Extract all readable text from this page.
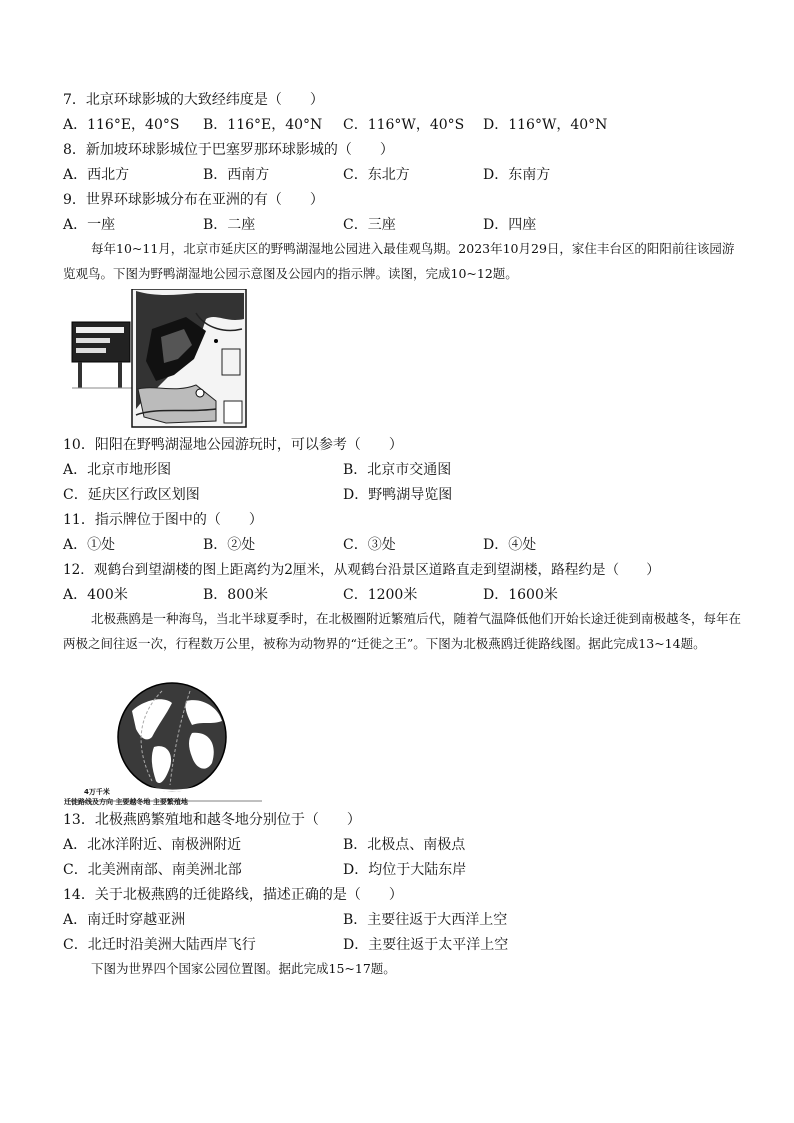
7．北京环球影城的大致经纬度是（　　）
A．116°E，40°S B．116°E，40°N C．116°W，40°S D．116°W，40°N
8．新加坡环球影城位于巴塞罗那环球影城的（　　）
A．西北方	B．西南方	C．东北方	D．东南方
9．世界环球影城分布在亚洲的有（　　）
A．一座	B．二座	C．三座	D．四座
每年10~11月，北京市延庆区的野鸭湖湿地公园进入最佳观鸟期。2023年10月29日，家住丰台区的阳阳前往该园游览观鸟。下图为野鸭湖湿地公园示意图及公园内的指示牌。读图，完成10~12题。
10．阳阳在野鸭湖湿地公园游玩时，可以参考（　　）
A．北京市地形图	B．北京市交通图
C．延庆区行政区划图	D．野鸭湖导览图
11．指示牌位于图中的（　　）
A．①处	B．②处	C．③处	D．④处
12．观鹤台到望湖楼的图上距离约为2厘米，从观鹤台沿景区道路直走到望湖楼，路程约是（　　）
A．400米	B．800米	C．1200米	D．1600米
北极燕鸥是一种海鸟，当北半球夏季时，在北极圈附近繁殖后代，随着气温降低他们开始长途迁徙到南极越冬，每年在两极之间往返一次，行程数万公里，被称为动物界的“迁徙之王”。下图为北极燕鸥迁徙路线图。据此完成13~14题。
4万千米
迁徙路线及方向 主要越冬地 主要繁殖地
13．北极燕鸥繁殖地和越冬地分别位于（　　）
A．北冰洋附近、南极洲附近	B．北极点、南极点
C．北美洲南部、南美洲北部	D．均位于大陆东岸
14．关于北极燕鸥的迁徙路线，描述正确的是（　　）
A．南迁时穿越亚洲	B．主要往返于大西洋上空
C．北迁时沿美洲大陆西岸飞行	D．主要往返于太平洋上空
下图为世界四个国家公园位置图。据此完成15~17题。
